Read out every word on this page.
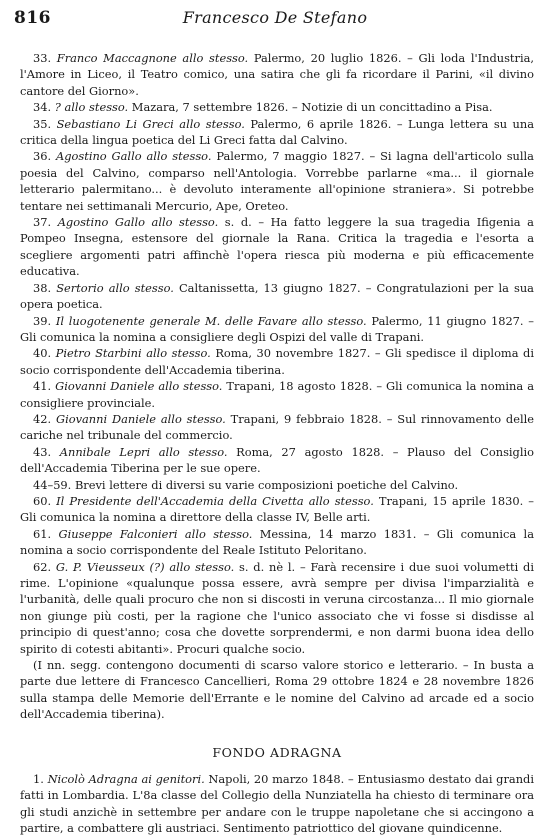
816	Francesco De Stefano

33. Franco Maccagnone allo stesso. Palermo, 20 luglio 1826. – Gli loda l'Industria, l'Amore in Liceo, il Teatro comico, una satira che gli fa ricordare il Parini, «il divino cantore del Giorno».

34. ? allo stesso. Mazara, 7 settembre 1826. – Notizie di un concittadino a Pisa.

35. Sebastiano Li Greci allo stesso. Palermo, 6 aprile 1826. – Lunga lettera su una critica della lingua poetica del Li Greci fatta dal Calvino.

36. Agostino Gallo allo stesso. Palermo, 7 maggio 1827. – Si lagna dell'articolo sulla poesia del Calvino, comparso nell'Antologia. Vorrebbe parlarne «ma... il giornale letterario palermitano... è devoluto interamente all'opinione straniera». Si potrebbe tentare nei settimanali Mercurio, Ape, Oreteo.

37. Agostino Gallo allo stesso. s. d. – Ha fatto leggere la sua tragedia Ifigenia a Pompeo Insegna, estensore del giornale la Rana. Critica la tragedia e l'esorta a scegliere argomenti patri affinchè l'opera riesca più moderna e più efficacemente educativa.

38. Sertorio allo stesso. Caltanissetta, 13 giugno 1827. – Congratulazioni per la sua opera poetica.

39. Il luogotenente generale M. delle Favare allo stesso. Palermo, 11 giugno 1827. – Gli comunica la nomina a consigliere degli Ospizi del valle di Trapani.

40. Pietro Starbini allo stesso. Roma, 30 novembre 1827. – Gli spedisce il diploma di socio corrispondente dell'Accademia tiberina.

41. Giovanni Daniele allo stesso. Trapani, 18 agosto 1828. – Gli comunica la nomina a consigliere provinciale.

42. Giovanni Daniele allo stesso. Trapani, 9 febbraio 1828. – Sul rinnovamento delle cariche nel tribunale del commercio.

43. Annibale Lepri allo stesso. Roma, 27 agosto 1828. – Plauso del Consiglio dell'Accademia Tiberina per le sue opere.

44–59. Brevi lettere di diversi su varie composizioni poetiche del Calvino.

60. Il Presidente dell'Accademia della Civetta allo stesso. Trapani, 15 aprile 1830. – Gli comunica la nomina a direttore della classe IV, Belle arti.

61. Giuseppe Falconieri allo stesso. Messina, 14 marzo 1831. – Gli comunica la nomina a socio corrispondente del Reale Istituto Peloritano.

62. G. P. Vieusseux (?) allo stesso. s. d. nè l. – Farà recensire i due suoi volumetti di rime. L'opinione «qualunque possa essere, avrà sempre per divisa l'imparzialità e l'urbanità, delle quali procuro che non si discosti in veruna circostanza... Il mio giornale non giunge più costi, per la ragione che l'unico associato che vi fosse si disdisse al principio di quest'anno; cosa che dovette sorprendermi, e non darmi buona idea dello spirito di cotesti abitanti». Procuri qualche socio.

(I nn. segg. contengono documenti di scarso valore storico e letterario. – In busta a parte due lettere di Francesco Cancellieri, Roma 29 ottobre 1824 e 28 novembre 1826 sulla stampa delle Memorie dell'Errante e le nomine del Calvino ad arcade ed a socio dell'Accademia tiberina).

FONDO ADRAGNA

1. Nicolò Adragna ai genitori. Napoli, 20 marzo 1848. – Entusiasmo destato dai grandi fatti in Lombardia. L'8a classe del Collegio della Nunziatella ha chiesto di terminare ora gli studi anzichè in settembre per andare con le truppe napoletane che si accingono a partire, a combattere gli austriaci. Sentimento patriottico del giovane quindicenne.
